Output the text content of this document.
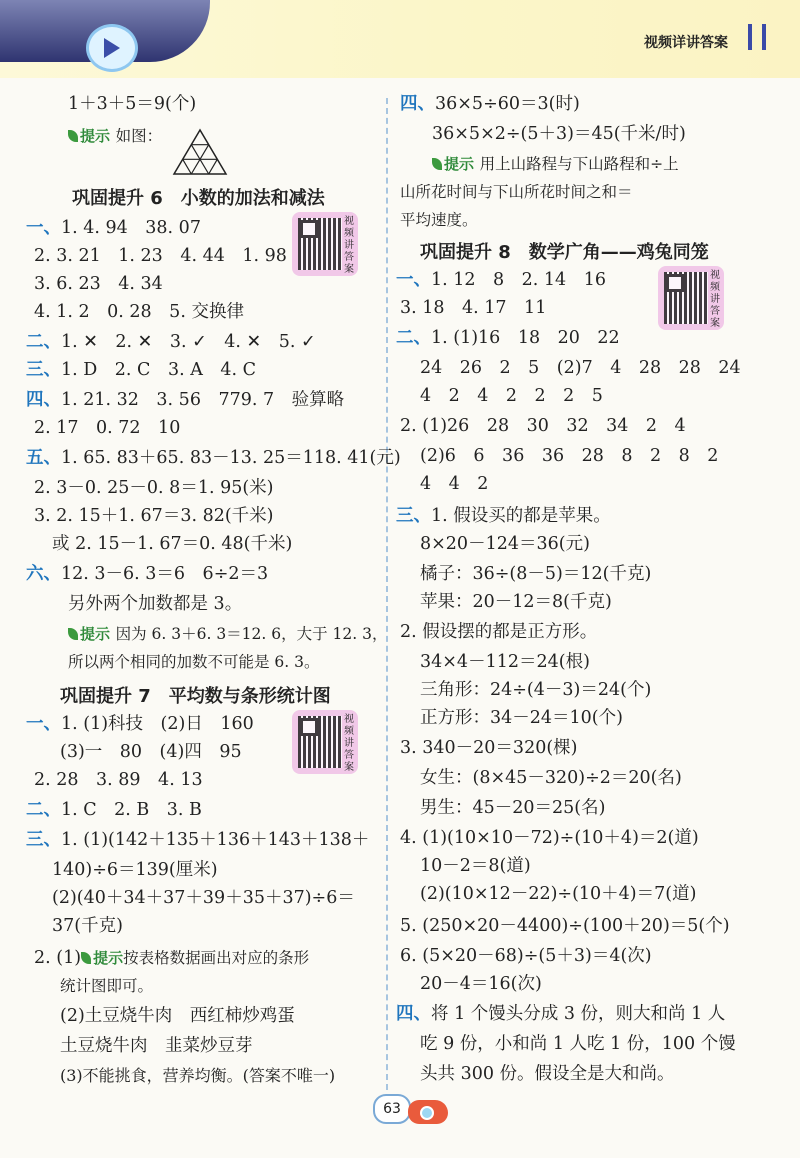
视频详讲答案
1＋3＋5＝9(个)
提示 如图：
巩固提升 6　小数的加法和减法
视频讲答案
一、1. 4. 94　38. 07
2. 3. 21　1. 23　4. 44　1. 98
3. 6. 23　4. 34
4. 1. 2　0. 28　5. 交换律
二、1. ✕　2. ✕　3. ✓　4. ✕　5. ✓
三、1. D　2. C　3. A　4. C
四、1. 21. 32　3. 56　779. 7　验算略
2. 17　0. 72　10
五、1. 65. 83＋65. 83－13. 25＝118. 41(元)
2. 3－0. 25－0. 8＝1. 95(米)
3. 2. 15＋1. 67＝3. 82(千米)
或 2. 15－1. 67＝0. 48(千米)
六、12. 3－6. 3＝6　6÷2＝3
另外两个加数都是 3。
提示 因为 6. 3＋6. 3＝12. 6，大于 12. 3，
所以两个相同的加数不可能是 6. 3。
巩固提升 7　平均数与条形统计图
视频讲答案
一、1. (1)科技　(2)日　160
(3)一　80　(4)四　95
2. 28　3. 89　4. 13
二、1. C　2. B　3. B
三、1. (1)(142＋135＋136＋143＋138＋
140)÷6＝139(厘米)
(2)(40＋34＋37＋39＋35＋37)÷6＝
37(千克)
2. (1) 提示按表格数据画出对应的条形
统计图即可。
(2)土豆烧牛肉　西红柿炒鸡蛋
土豆烧牛肉　韭菜炒豆芽
(3)不能挑食，营养均衡。(答案不唯一)
四、36×5÷60＝3(时)
36×5×2÷(5＋3)＝45(千米/时)
提示 用上山路程与下山路程和÷上
山所花时间与下山所花时间之和＝
平均速度。
巩固提升 8　数学广角——鸡兔同笼
视频讲答案
一、1. 12　8　2. 14　16
3. 18　4. 17　11
二、1. (1)16　18　20　22
24　26　2　5　(2)7　4　28　28　24
4　2　4　2　2　2　5
2. (1)26　28　30　32　34　2　4
(2)6　6　36　36　28　8　2　8　2
4　4　2
三、1. 假设买的都是苹果。
8×20－124＝36(元)
橘子：36÷(8－5)＝12(千克)
苹果：20－12＝8(千克)
2. 假设摆的都是正方形。
34×4－112＝24(根)
三角形：24÷(4－3)＝24(个)
正方形：34－24＝10(个)
3. 340－20＝320(棵)
女生：(8×45－320)÷2＝20(名)
男生：45－20＝25(名)
4. (1)(10×10－72)÷(10＋4)＝2(道)
10－2＝8(道)
(2)(10×12－22)÷(10＋4)＝7(道)
5. (250×20－4400)÷(100＋20)＝5(个)
6. (5×20－68)÷(5＋3)＝4(次)
20－4＝16(次)
四、将 1 个馒头分成 3 份，则大和尚 1 人
吃 9 份，小和尚 1 人吃 1 份，100 个馒
头共 300 份。假设全是大和尚。
63
